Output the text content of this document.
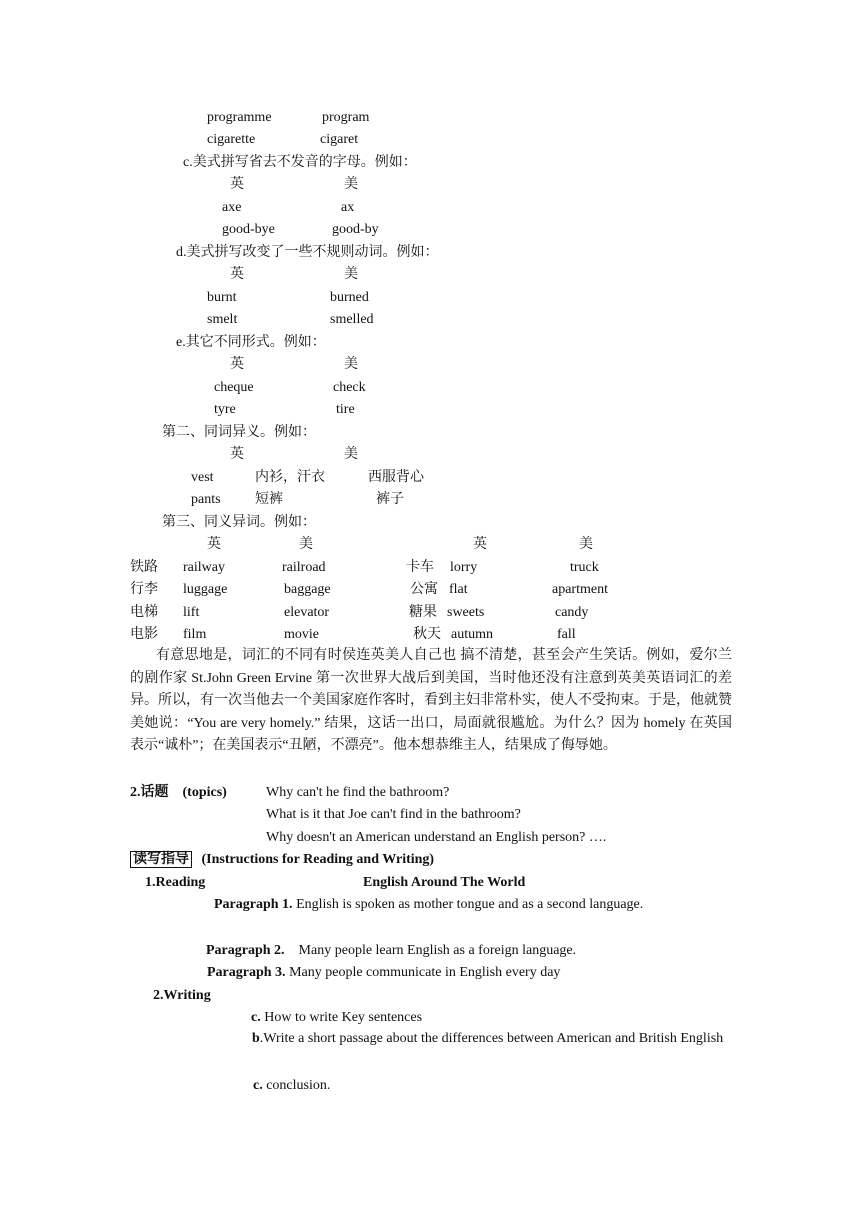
programme	program
cigarette	cigaret
c.美式拼写省去不发音的字母。例如：
英	美
axe	ax
good-bye	good-by
d.美式拼写改变了一些不规则动词。例如：
英	美
burnt	burned
smelt	smelled
e.其它不同形式。例如：
英	美
cheque	check
tyre	tire
第二、同词异义。例如：
英	美
vest	内衫，汗衣	西服背心
pants 短裤	裤子
第三、同义异词。例如：
英	美	英	美
铁路 railway	railroad	卡车 lorry	truck
行李 luggage	baggage	公寓 flat	apartment
电梯 lift	elevator	糖果 sweets	candy
电影 film	movie	秋天 autumn	fall
有意思地是，词汇的不同有时侯连英美人自己也 搞不清楚，甚至会产生笑话。例如，爱尔兰的剧作家 St.John Green Ervine 第一次世界大战后到美国，当时他还没有注意到英美英语词汇的差异。所以，有一次当他去一个美国家庭作客时，看到主妇非常朴实，使人不受拘束。于是，他就赞美她说：“You are very homely.” 结果，这话一出口，局面就很尴尬。为什么？因为 homely 在英国表示“诚朴”；在美国表示“丑陋，不漂亮”。他本想恭维主人，结果成了侮辱她。
2.话题　(topics)	Why can't he find the bathroom?
What is it that Joe can't find in the bathroom?
Why doesn't an American understand an English person? ….
读写指导 (Instructions for Reading and Writing)
1.Reading	English Around The World
Paragraph 1. English is spoken as mother tongue and as a second language.
Paragraph 2.　Many people learn English as a foreign language.
Paragraph 3. Many people communicate in English every day
2.Writing
c. How to write Key sentences
b.Write a short passage about the differences between American and British English
c. conclusion.
